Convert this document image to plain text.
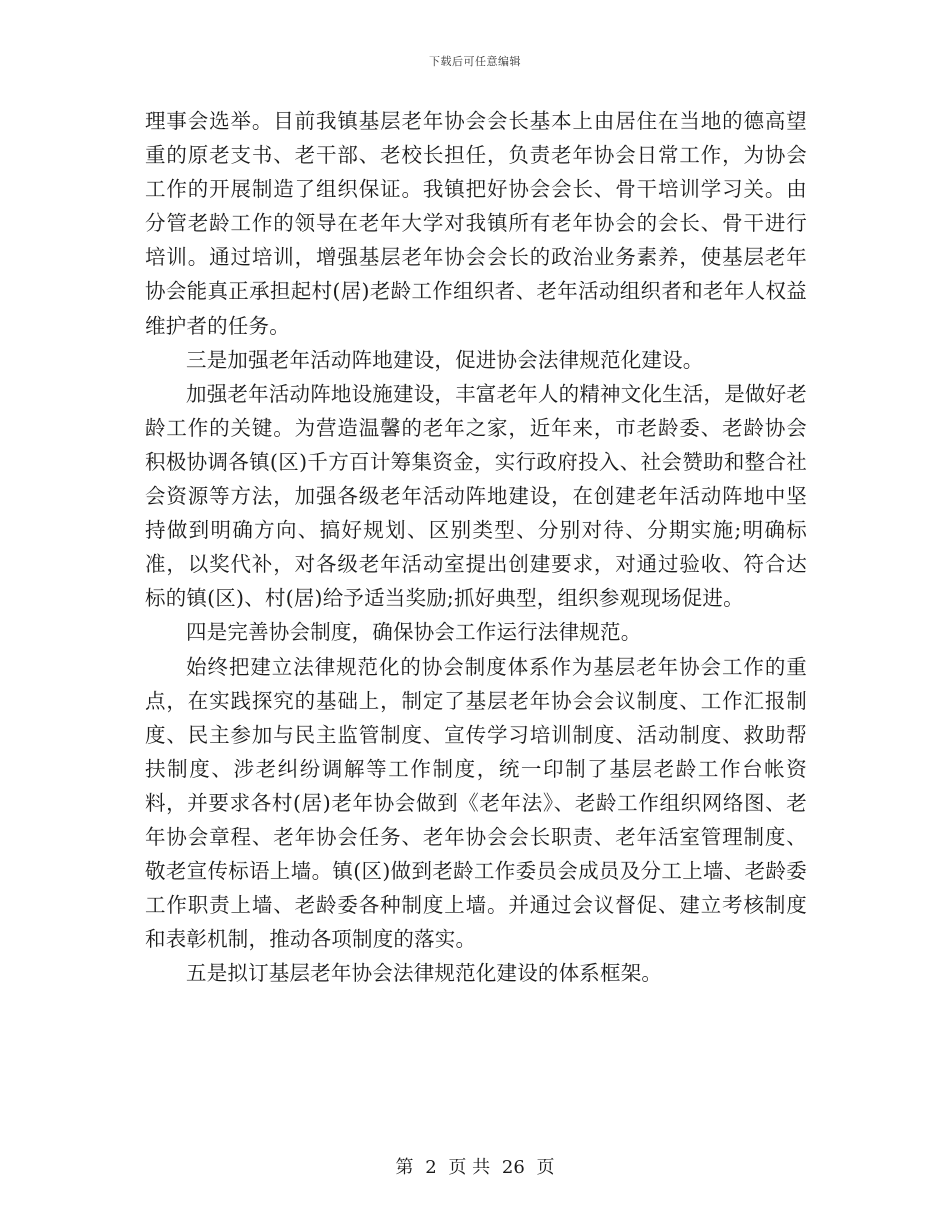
下载后可任意编辑

理事会选举。目前我镇基层老年协会会长基本上由居住在当地的德高望重的原老支书、老干部、老校长担任，负责老年协会日常工作，为协会工作的开展制造了组织保证。我镇把好协会会长、骨干培训学习关。由分管老龄工作的领导在老年大学对我镇所有老年协会的会长、骨干进行培训。通过培训，增强基层老年协会会长的政治业务素养，使基层老年协会能真正承担起村(居)老龄工作组织者、老年活动组织者和老年人权益维护者的任务。

三是加强老年活动阵地建设，促进协会法律规范化建设。

加强老年活动阵地设施建设，丰富老年人的精神文化生活，是做好老龄工作的关键。为营造温馨的老年之家，近年来，市老龄委、老龄协会积极协调各镇(区)千方百计筹集资金，实行政府投入、社会赞助和整合社会资源等方法，加强各级老年活动阵地建设，在创建老年活动阵地中坚持做到明确方向、搞好规划、区别类型、分别对待、分期实施;明确标准，以奖代补，对各级老年活动室提出创建要求，对通过验收、符合达标的镇(区)、村(居)给予适当奖励;抓好典型，组织参观现场促进。

四是完善协会制度，确保协会工作运行法律规范。

始终把建立法律规范化的协会制度体系作为基层老年协会工作的重点，在实践探究的基础上，制定了基层老年协会会议制度、工作汇报制度、民主参加与民主监管制度、宣传学习培训制度、活动制度、救助帮扶制度、涉老纠纷调解等工作制度，统一印制了基层老龄工作台帐资料，并要求各村(居)老年协会做到《老年法》、老龄工作组织网络图、老年协会章程、老年协会任务、老年协会会长职责、老年活室管理制度、敬老宣传标语上墙。镇(区)做到老龄工作委员会成员及分工上墙、老龄委工作职责上墙、老龄委各种制度上墙。并通过会议督促、建立考核制度和表彰机制，推动各项制度的落实。

五是拟订基层老年协会法律规范化建设的体系框架。

第 2 页 共 26 页
